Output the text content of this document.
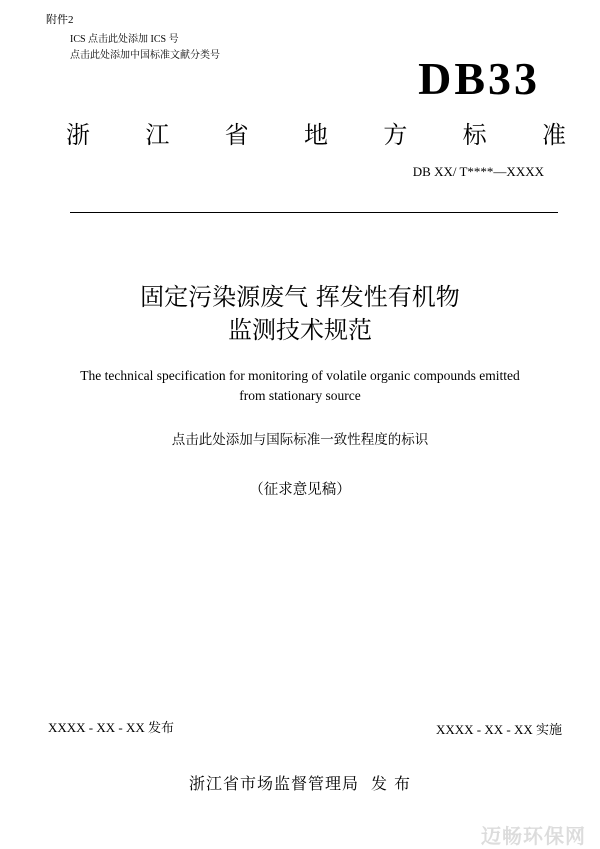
附件2
ICS 点击此处添加 ICS 号
点击此处添加中国标准文献分类号	DB33
浙 江 省 地 方 标 准
DB XX/ T****—XXXX
固定污染源废气 挥发性有机物
监测技术规范
The technical specification for monitoring of volatile organic compounds emitted
from stationary source
点击此处添加与国际标准一致性程度的标识
（征求意见稿）
XXXX - XX - XX 发布	XXXX - XX - XX 实施
浙江省市场监督管理局 发 布
迈畅环保网
